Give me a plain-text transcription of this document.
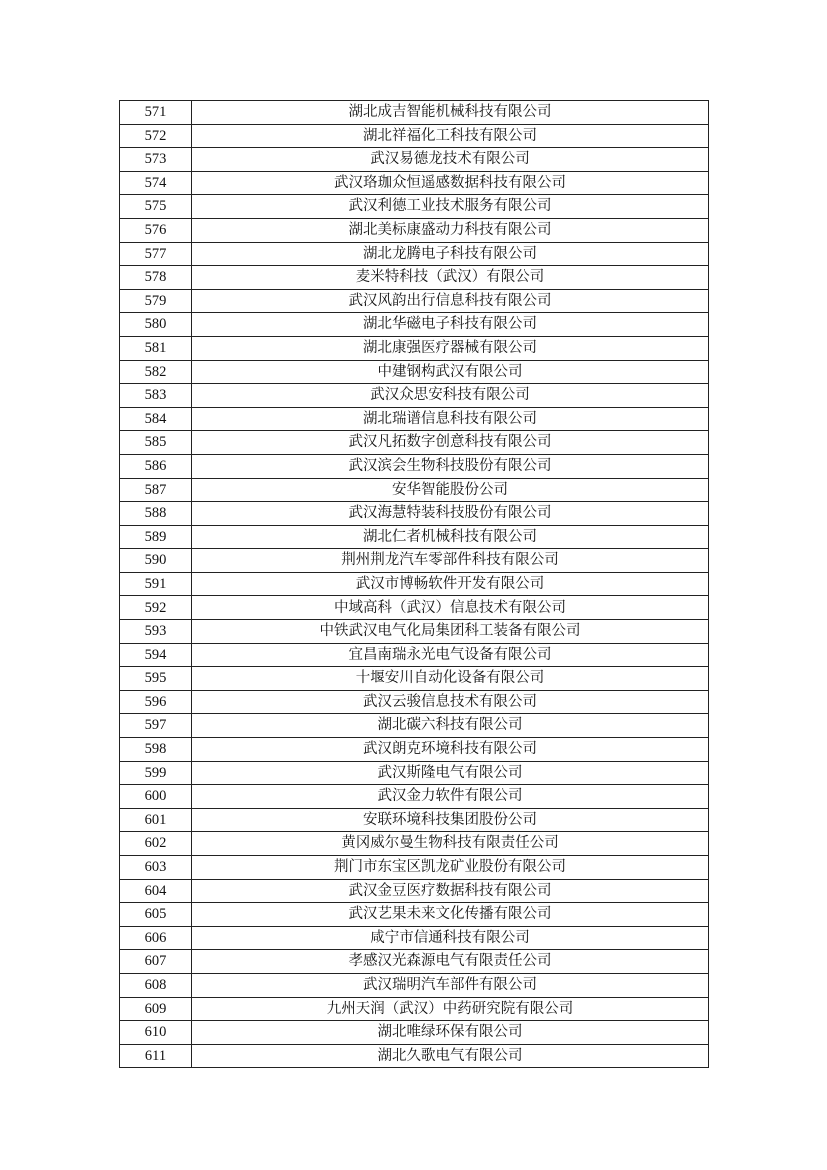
571	湖北成吉智能机械科技有限公司
572	湖北祥福化工科技有限公司
573	武汉易德龙技术有限公司
574	武汉珞珈众恒遥感数据科技有限公司
575	武汉利德工业技术服务有限公司
576	湖北美标康盛动力科技有限公司
577	湖北龙腾电子科技有限公司
578	麦米特科技（武汉）有限公司
579	武汉风韵出行信息科技有限公司
580	湖北华磁电子科技有限公司
581	湖北康强医疗器械有限公司
582	中建钢构武汉有限公司
583	武汉众思安科技有限公司
584	湖北瑞谱信息科技有限公司
585	武汉凡拓数字创意科技有限公司
586	武汉滨会生物科技股份有限公司
587	安华智能股份公司
588	武汉海慧特装科技股份有限公司
589	湖北仁者机械科技有限公司
590	荆州荆龙汽车零部件科技有限公司
591	武汉市博畅软件开发有限公司
592	中域高科（武汉）信息技术有限公司
593	中铁武汉电气化局集团科工装备有限公司
594	宜昌南瑞永光电气设备有限公司
595	十堰安川自动化设备有限公司
596	武汉云骏信息技术有限公司
597	湖北碳六科技有限公司
598	武汉朗克环境科技有限公司
599	武汉斯隆电气有限公司
600	武汉金力软件有限公司
601	安联环境科技集团股份公司
602	黄冈威尔曼生物科技有限责任公司
603	荆门市东宝区凯龙矿业股份有限公司
604	武汉金豆医疗数据科技有限公司
605	武汉艺果未来文化传播有限公司
606	咸宁市信通科技有限公司
607	孝感汉光森源电气有限责任公司
608	武汉瑞明汽车部件有限公司
609	九州天润（武汉）中药研究院有限公司
610	湖北唯绿环保有限公司
611	湖北久歌电气有限公司
